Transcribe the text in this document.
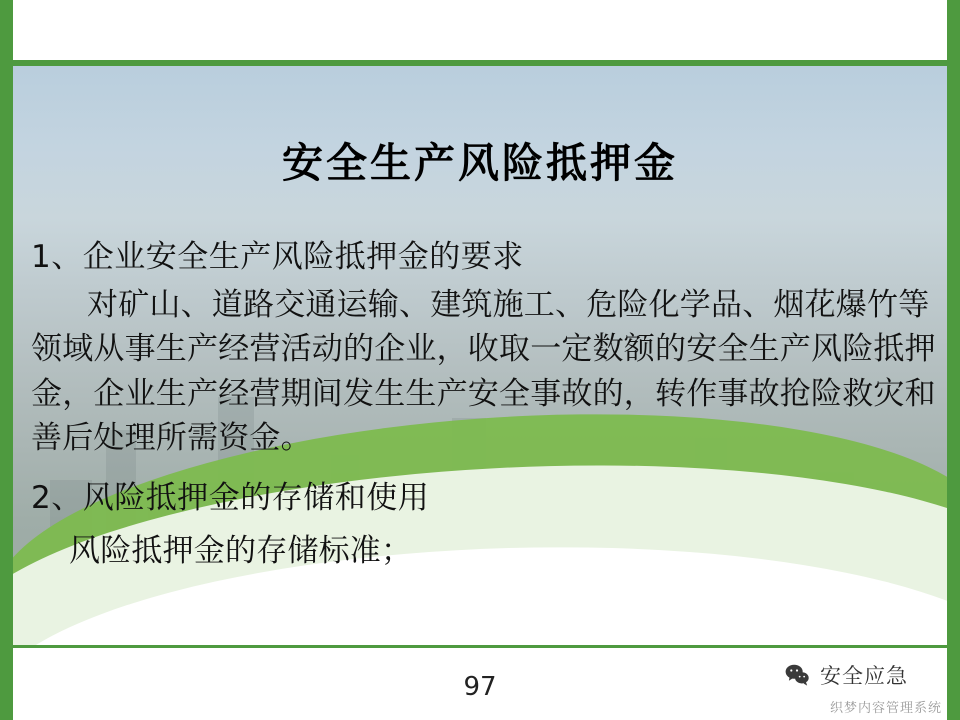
安全生产风险抵押金

1、企业安全生产风险抵押金的要求

对矿山、道路交通运输、建筑施工、危险化学品、烟花爆竹等领域从事生产经营活动的企业，收取一定数额的安全生产风险抵押金，企业生产经营期间发生生产安全事故的，转作事故抢险救灾和善后处理所需资金。

2、风险抵押金的存储和使用

风险抵押金的存储标准；

97	安全应急
织梦内容管理系统
